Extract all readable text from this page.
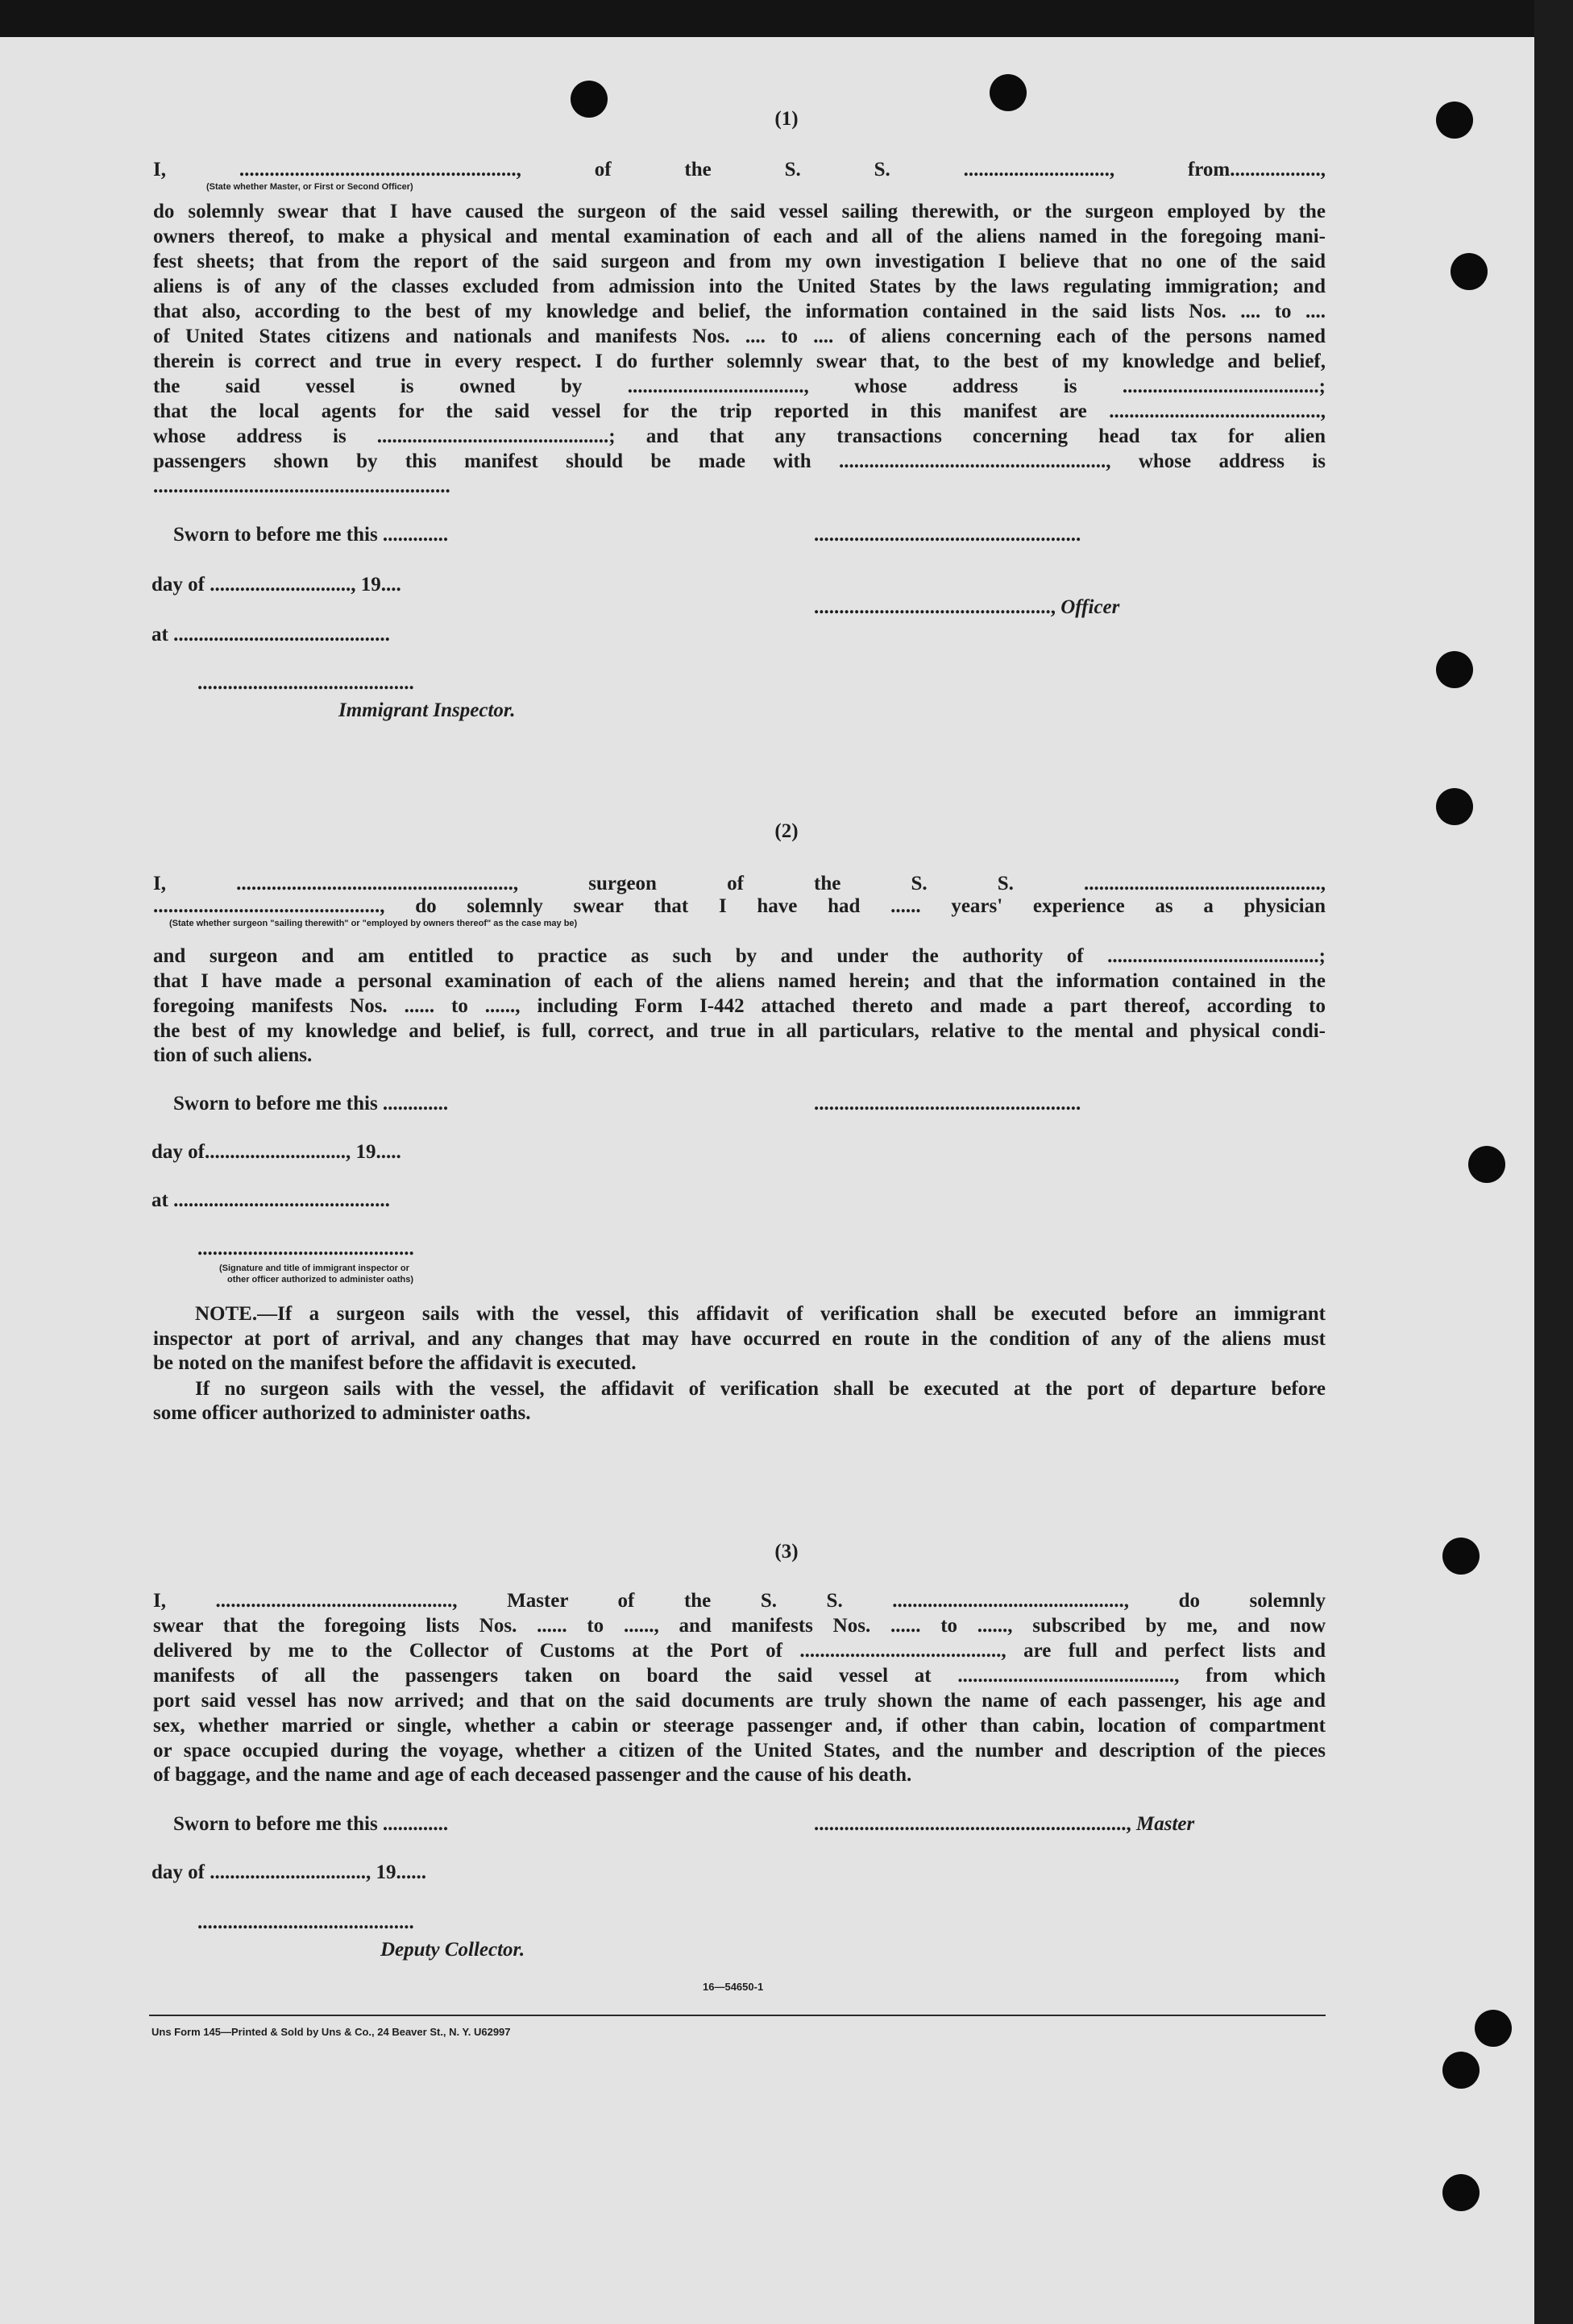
(1)
I, ......................................................., of the S. S. ............................., from..................,
(State whether Master, or First or Second Officer)
do solemnly swear that I have caused the surgeon of the said vessel sailing therewith, or the surgeon employed by the
owners thereof, to make a physical and mental examination of each and all of the aliens named in the foregoing mani-
fest sheets; that from the report of the said surgeon and from my own investigation I believe that no one of the said
aliens is of any of the classes excluded from admission into the United States by the laws regulating immigration; and
that also, according to the best of my knowledge and belief, the information contained in the said lists Nos. .... to ....
of United States citizens and nationals and manifests Nos. .... to .... of aliens concerning each of the persons named
therein is correct and true in every respect. I do further solemnly swear that, to the best of my knowledge and belief,
the said vessel is owned by ..................................., whose address is .......................................;
that the local agents for the said vessel for the trip reported in this manifest are ..........................................,
whose address is ..............................................; and that any transactions concerning head tax for alien
passengers shown by this manifest should be made with ....................................................., whose address is
...........................................................
Sworn to before me this .............	.....................................................
day of ............................, 19....
..............................................., Officer
at ...........................................
...........................................
Immigrant Inspector.
(2)
I, ......................................................., surgeon of the S. S. ...............................................,
............................................., do solemnly swear that I have had ...... years' experience as a physician
(State whether surgeon "sailing therewith" or "employed by owners thereof" as the case may be)
and surgeon and am entitled to practice as such by and under the authority of ..........................................;
that I have made a personal examination of each of the aliens named herein; and that the information contained in the
foregoing manifests Nos. ...... to ......, including Form I-442 attached thereto and made a part thereof, according to
the best of my knowledge and belief, is full, correct, and true in all particulars, relative to the mental and physical condi-
tion of such aliens.
Sworn to before me this .............	.....................................................
day of............................, 19.....
at ...........................................
...........................................
(Signature and title of immigrant inspector or
other officer authorized to administer oaths)
NOTE.—If a surgeon sails with the vessel, this affidavit of verification shall be executed before an immigrant
inspector at port of arrival, and any changes that may have occurred en route in the condition of any of the aliens must
be noted on the manifest before the affidavit is executed.
If no surgeon sails with the vessel, the affidavit of verification shall be executed at the port of departure before
some officer authorized to administer oaths.
(3)
I, ..............................................., Master of the S. S. .............................................., do solemnly
swear that the foregoing lists Nos. ...... to ......, and manifests Nos. ...... to ......, subscribed by me, and now
delivered by me to the Collector of Customs at the Port of ........................................, are full and perfect lists and
manifests of all the passengers taken on board the said vessel at ..........................................., from which
port said vessel has now arrived; and that on the said documents are truly shown the name of each passenger, his age and
sex, whether married or single, whether a cabin or steerage passenger and, if other than cabin, location of compartment
or space occupied during the voyage, whether a citizen of the United States, and the number and description of the pieces
of baggage, and the name and age of each deceased passenger and the cause of his death.
Sworn to before me this .............	.............................................................., Master
day of ..............................., 19......
...........................................
Deputy Collector.
16—54650-1
Uns Form 145—Printed & Sold by Uns & Co., 24 Beaver St., N. Y. U62997
